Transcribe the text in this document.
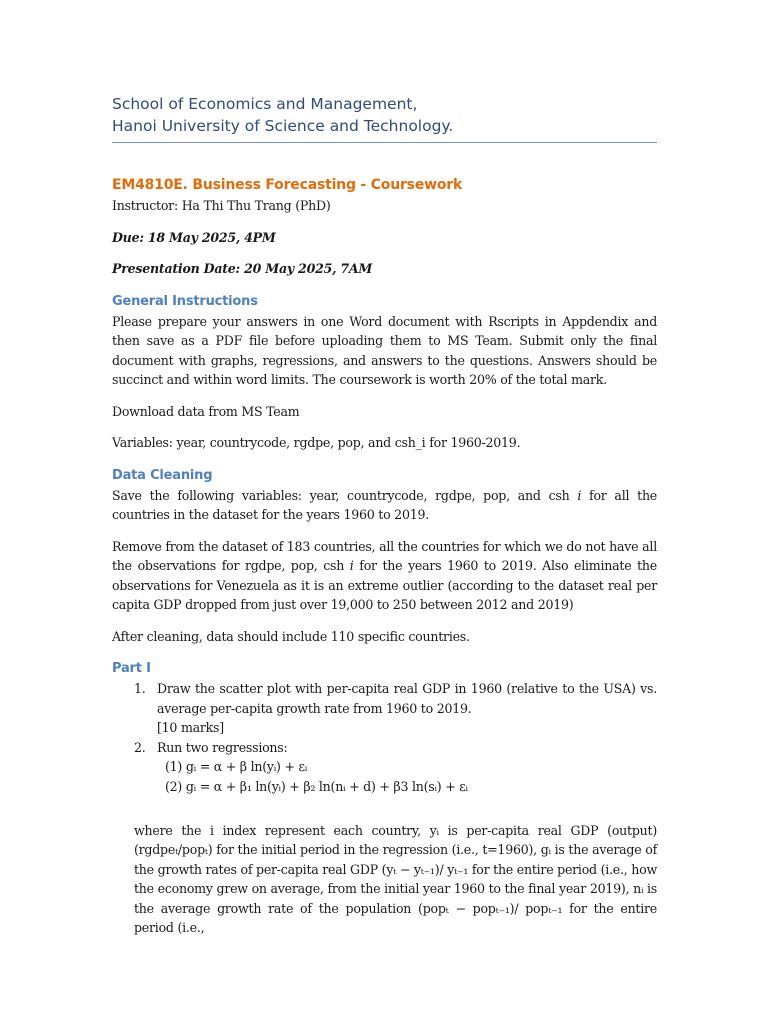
School of Economics and Management,
Hanoi University of Science and Technology.

EM4810E. Business Forecasting - Coursework

Instructor: Ha Thi Thu Trang (PhD)

Due: 18 May 2025, 4PM

Presentation Date: 20 May 2025, 7AM

General Instructions

Please prepare your answers in one Word document with Rscripts in Appdendix and then save as a PDF file before uploading them to MS Team. Submit only the final document with graphs, regressions, and answers to the questions. Answers should be succinct and within word limits. The coursework is worth 20% of the total mark.

Download data from MS Team

Variables: year, countrycode, rgdpe, pop, and csh_i for 1960-2019.

Data Cleaning

Save the following variables: year, countrycode, rgdpe, pop, and csh i for all the countries in the dataset for the years 1960 to 2019.

Remove from the dataset of 183 countries, all the countries for which we do not have all the observations for rgdpe, pop, csh i for the years 1960 to 2019. Also eliminate the observations for Venezuela as it is an extreme outlier (according to the dataset real per capita GDP dropped from just over 19,000 to 250 between 2012 and 2019)

After cleaning, data should include 110 specific countries.

Part I

1. Draw the scatter plot with per-capita real GDP in 1960 (relative to the USA) vs. average per-capita growth rate from 1960 to 2019.
[10 marks]
2. Run two regressions:
(1) gᵢ = α + β ln(yᵢ) + εᵢ
(2) gᵢ = α + β₁ ln(yᵢ) + β₂ ln(nᵢ + d) + β3 ln(sᵢ) + εᵢ

where the i index represent each country, yᵢ is per-capita real GDP (output) (rgdpeₜ/popₜ) for the initial period in the regression (i.e., t=1960), gᵢ is the average of the growth rates of per-capita real GDP (yₜ − yₜ₋₁)/ yₜ₋₁ for the entire period (i.e., how the economy grew on average, from the initial year 1960 to the final year 2019), nᵢ is the average growth rate of the population (popₜ − popₜ₋₁)/ popₜ₋₁ for the entire period (i.e.,
